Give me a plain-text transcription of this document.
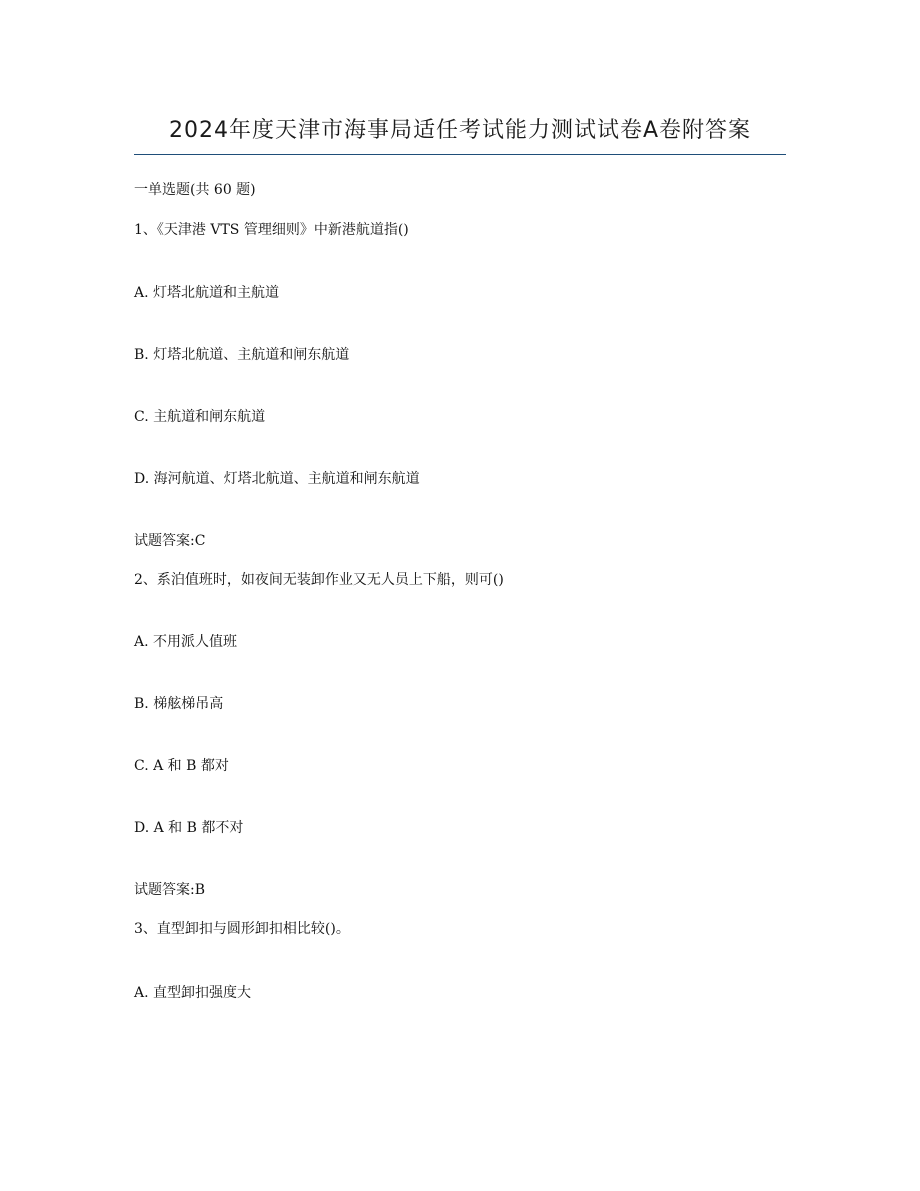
2024年度天津市海事局适任考试能力测试试卷A卷附答案
一单选题(共 60 题)
1、《天津港 VTS 管理细则》中新港航道指()
A. 灯塔北航道和主航道
B. 灯塔北航道、主航道和闸东航道
C. 主航道和闸东航道
D. 海河航道、灯塔北航道、主航道和闸东航道
试题答案:C
2、系泊值班时，如夜间无装卸作业又无人员上下船，则可()
A. 不用派人值班
B. 梯舷梯吊高
C. A 和 B 都对
D. A 和 B 都不对
试题答案:B
3、直型卸扣与圆形卸扣相比较()。
A. 直型卸扣强度大
